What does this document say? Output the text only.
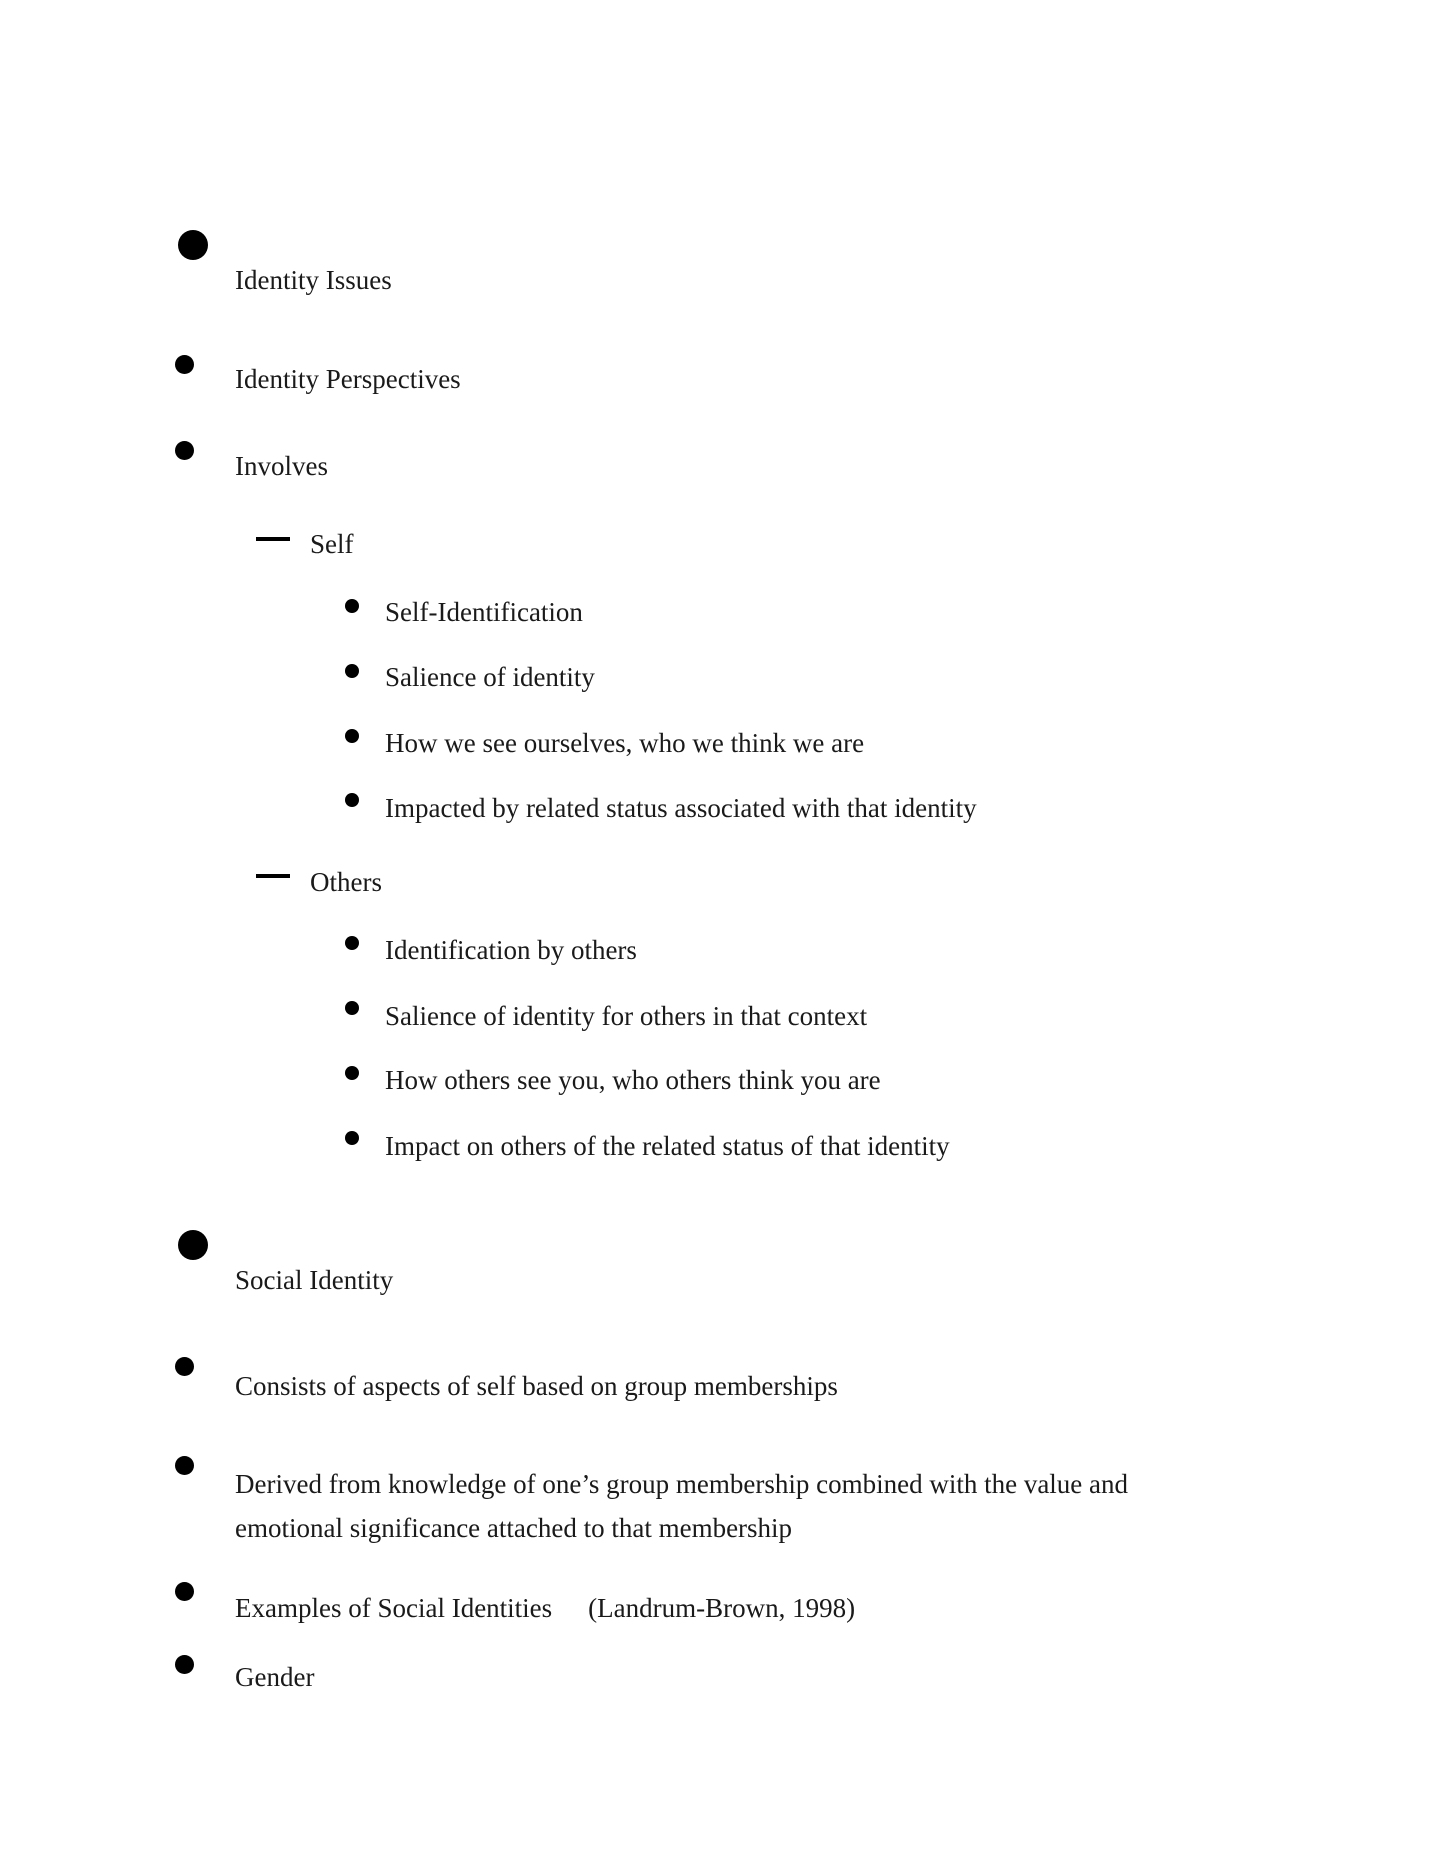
Identity Issues
Identity Perspectives
Involves
Self
Self-Identification
Salience of identity
How we see ourselves, who we think we are
Impacted by related status associated with that identity
Others
Identification by others
Salience of identity for others in that context
How others see you, who others think you are
Impact on others of the related status of that identity
Social Identity
Consists of aspects of self based on group memberships
Derived from knowledge of one’s group membership combined with the value and emotional significance attached to that membership
Examples of Social Identities (Landrum-Brown, 1998)
Gender
